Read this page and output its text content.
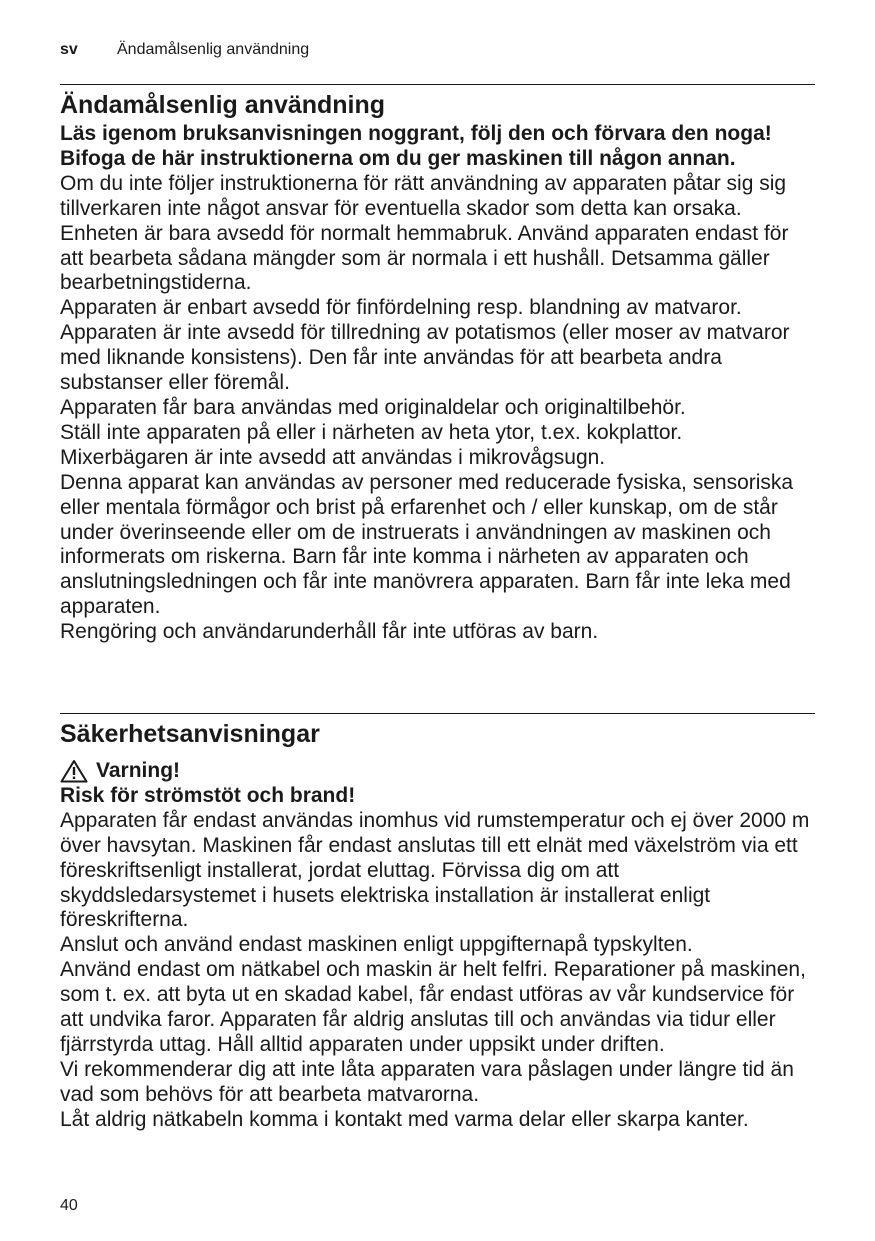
sv Ändamålsenlig användning
Ändamålsenlig användning

Läs igenom bruksanvisningen noggrant, följ den och förvara den noga! Bifoga de här instruktionerna om du ger maskinen till någon annan.

Om du inte följer instruktionerna för rätt användning av apparaten påtar sig sig tillverkaren inte något ansvar för eventuella skador som detta kan orsaka.

Enheten är bara avsedd för normalt hemmabruk. Använd apparaten endast för att bearbeta sådana mängder som är normala i ett hushåll. Detsamma gäller bearbetningstiderna.

Apparaten är enbart avsedd för finfördelning resp. blandning av matvaror. Apparaten är inte avsedd för tillredning av potatismos (eller moser av matvaror med liknande konsistens). Den får inte användas för att bearbeta andra substanser eller föremål.

Apparaten får bara användas med originaldelar och originaltilbehör.

Ställ inte apparaten på eller i närheten av heta ytor, t.ex. kokplattor.

Mixerbägaren är inte avsedd att användas i mikrovågsugn.

Denna apparat kan användas av personer med reducerade fysiska, sensoriska eller mentala förmågor och brist på erfarenhet och / eller kunskap, om de står under överinseende eller om de instruerats i användningen av maskinen och informerats om riskerna. Barn får inte komma i närheten av apparaten och anslutningsledningen och får inte manövrera apparaten. Barn får inte leka med apparaten.

Rengöring och användarunderhåll får inte utföras av barn.

Säkerhetsanvisningar
Varning!

Risk för strömstöt och brand!

Apparaten får endast användas inomhus vid rumstemperatur och ej över 2000 m över havsytan. Maskinen får endast anslutas till ett elnät med växelström via ett föreskriftsenligt installerat, jordat eluttag. Förvissa dig om att skyddsledarsystemet i husets elektriska installation är installerat enligt föreskrifterna.

Anslut och använd endast maskinen enligt uppgifternapå typskylten.

Använd endast om nätkabel och maskin är helt felfri. Reparationer på maskinen, som t. ex. att byta ut en skadad kabel, får endast utföras av vår kundservice för att undvika faror. Apparaten får aldrig anslutas till och användas via tidur eller fjärrstyrda uttag. Håll alltid apparaten under uppsikt under driften.

Vi rekommenderar dig att inte låta apparaten vara påslagen under längre tid än vad som behövs för att bearbeta matvarorna.

Låt aldrig nätkabeln komma i kontakt med varma delar eller skarpa kanter.

40
